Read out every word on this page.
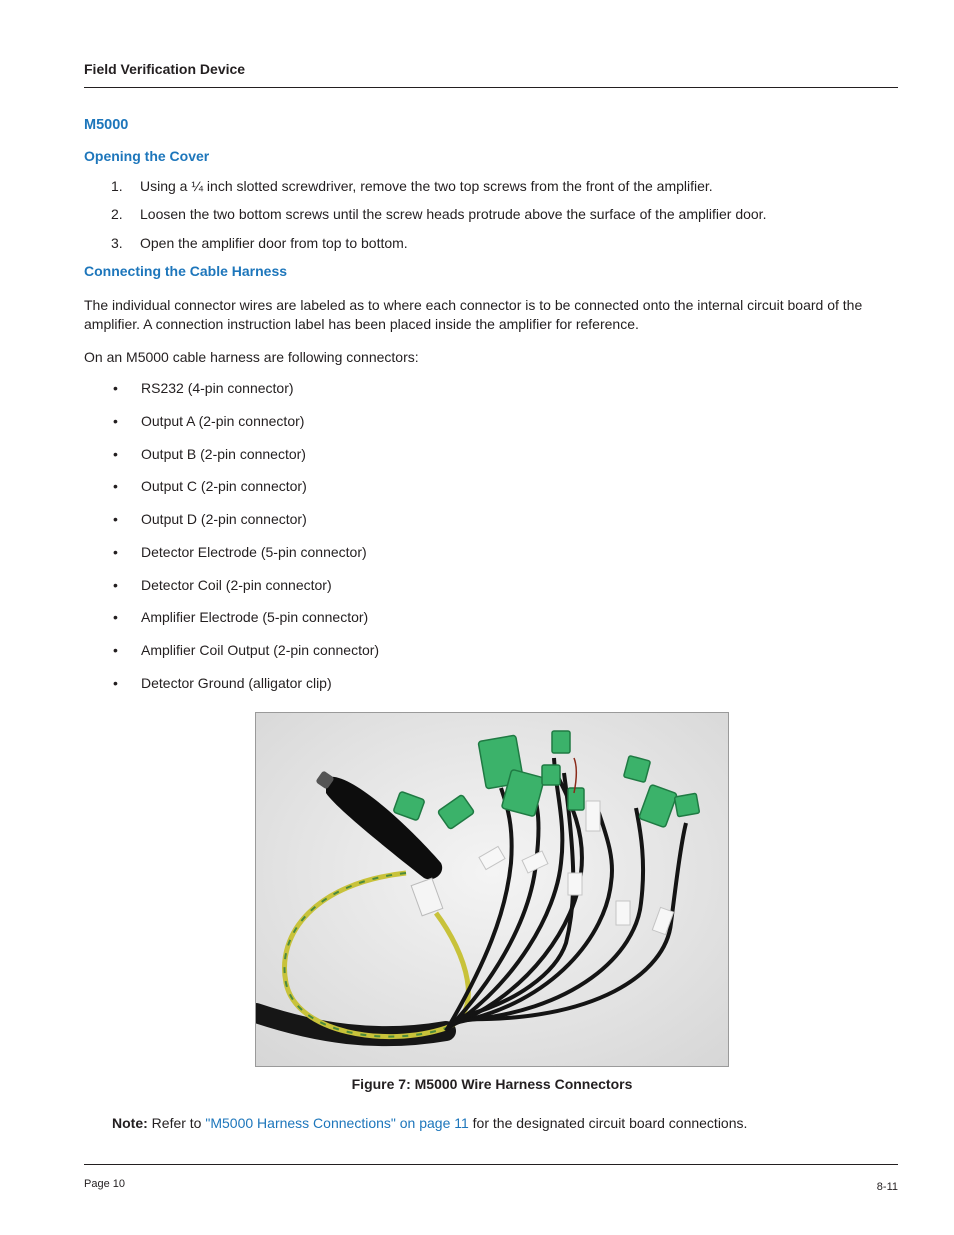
Field Verification Device
M5000
Opening the Cover
1. Using a ¼ inch slotted screwdriver, remove the two top screws from the front of the amplifier.
2. Loosen the two bottom screws until the screw heads protrude above the surface of the amplifier door.
3. Open the amplifier door from top to bottom.
Connecting the Cable Harness
The individual connector wires are labeled as to where each connector is to be connected onto the internal circuit board of the amplifier. A connection instruction label has been placed inside the amplifier for reference.
On an M5000 cable harness are following connectors:
• RS232 (4-pin connector)
• Output A (2-pin connector)
• Output B (2-pin connector)
• Output C (2-pin connector)
• Output D (2-pin connector)
• Detector Electrode (5-pin connector)
• Detector Coil (2-pin connector)
• Amplifier Electrode (5-pin connector)
• Amplifier Coil Output (2-pin connector)
• Detector Ground (alligator clip)
Figure 7: M5000 Wire Harness Connectors
Note: Refer to "M5000 Harness Connections" on page 11 for the designated circuit board connections.
Page 10	8-11
